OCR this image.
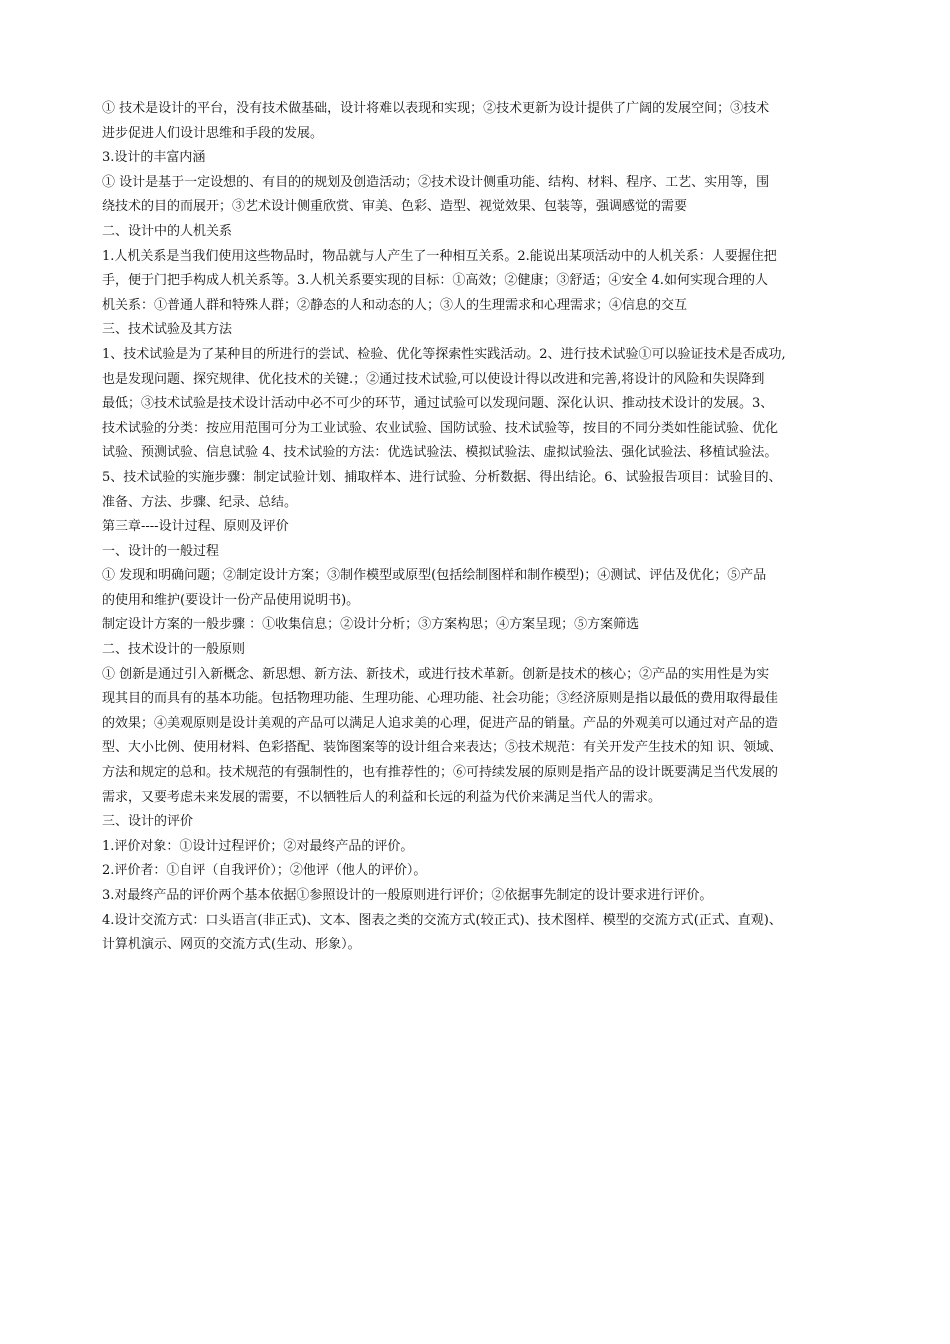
① 技术是设计的平台，没有技术做基础，设计将难以表现和实现；②技术更新为设计提供了广阔的发展空间；③技术
进步促进人们设计思维和手段的发展。
3.设计的丰富内涵
① 设计是基于一定设想的、有目的的规划及创造活动；②技术设计侧重功能、结构、材料、程序、工艺、实用等，围
绕技术的目的而展开；③艺术设计侧重欣赏、审美、色彩、造型、视觉效果、包装等，强调感觉的需要
二、设计中的人机关系
1.人机关系是当我们使用这些物品时，物品就与人产生了一种相互关系。2.能说出某项活动中的人机关系：人要握住把
手，便于门把手构成人机关系等。3.人机关系要实现的目标：①高效；②健康；③舒适；④安全 4.如何实现合理的人
机关系：①普通人群和特殊人群；②静态的人和动态的人；③人的生理需求和心理需求；④信息的交互
三、技术试验及其方法
1、技术试验是为了某种目的所进行的尝试、检验、优化等探索性实践活动。2、进行技术试验①可以验证技术是否成功,
也是发现问题、探究规律、优化技术的关键.；②通过技术试验,可以使设计得以改进和完善,将设计的风险和失误降到
最低；③技术试验是技术设计活动中必不可少的环节，通过试验可以发现问题、深化认识、推动技术设计的发展。3、
技术试验的分类：按应用范围可分为工业试验、农业试验、国防试验、技术试验等，按目的不同分类如性能试验、优化
试验、预测试验、信息试验 4、技术试验的方法：优选试验法、模拟试验法、虚拟试验法、强化试验法、移植试验法。
5、技术试验的实施步骤：制定试验计划、捕取样本、进行试验、分析数据、得出结论。6、试验报告项目：试验目的、
准备、方法、步骤、纪录、总结。
第三章----设计过程、原则及评价
一、设计的一般过程
① 发现和明确问题；②制定设计方案；③制作模型或原型(包括绘制图样和制作模型)；④测试、评估及优化；⑤产品
的使用和维护(要设计一份产品使用说明书)。
制定设计方案的一般步骤 ：①收集信息；②设计分析；③方案构思；④方案呈现；⑤方案筛选
二、技术设计的一般原则
① 创新是通过引入新概念、新思想、新方法、新技术，或进行技术革新。创新是技术的核心；②产品的实用性是为实
现其目的而具有的基本功能。包括物理功能、生理功能、心理功能、社会功能；③经济原则是指以最低的费用取得最佳
的效果；④美观原则是设计美观的产品可以满足人追求美的心理，促进产品的销量。产品的外观美可以通过对产品的造
型、大小比例、使用材料、色彩搭配、装饰图案等的设计组合来表达；⑤技术规范：有关开发产生技术的知 识、领域、
方法和规定的总和。技术规范的有强制性的，也有推荐性的；⑥可持续发展的原则是指产品的设计既要满足当代发展的
需求，又要考虑未来发展的需要，不以牺牲后人的利益和长远的利益为代价来满足当代人的需求。
三、设计的评价
1.评价对象：①设计过程评价；②对最终产品的评价。
2.评价者：①自评（自我评价）；②他评（他人的评价）。
3.对最终产品的评价两个基本依据①参照设计的一般原则进行评价；②依据事先制定的设计要求进行评价。
4.设计交流方式：口头语言(非正式)、文本、图表之类的交流方式(较正式)、技术图样、模型的交流方式(正式、直观)、
计算机演示、网页的交流方式(生动、形象）。
